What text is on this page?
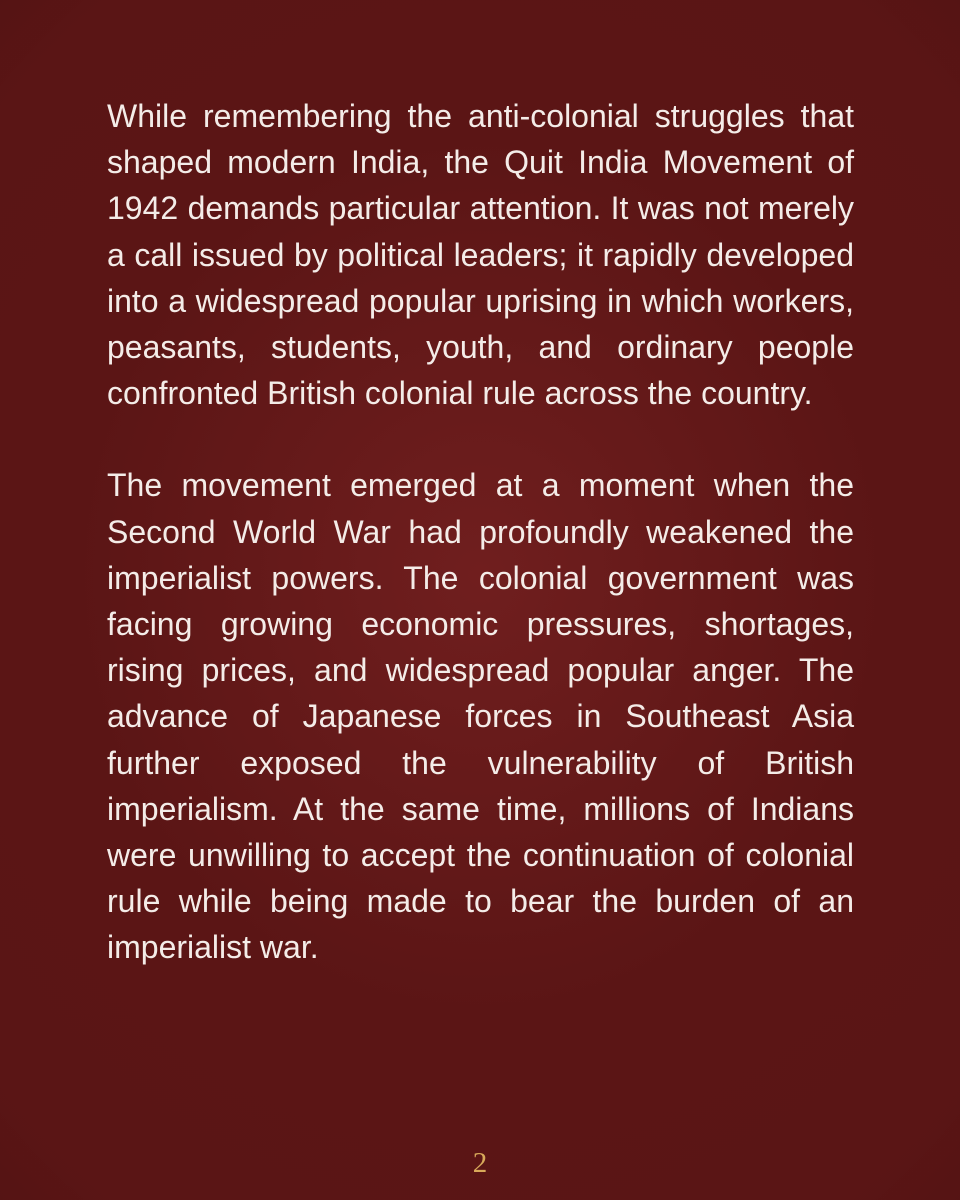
While remembering the anti-colonial struggles that shaped modern India, the Quit India Movement of 1942 demands particular attention. It was not merely a call issued by political leaders; it rapidly developed into a widespread popular uprising in which workers, peasants, students, youth, and ordinary people confronted British colonial rule across the country.

The movement emerged at a moment when the Second World War had profoundly weakened the imperialist powers. The colonial government was facing growing economic pressures, shortages, rising prices, and widespread popular anger. The advance of Japanese forces in Southeast Asia further exposed the vulnerability of British imperialism. At the same time, millions of Indians were unwilling to accept the continuation of colonial rule while being made to bear the burden of an imperialist war.

2
